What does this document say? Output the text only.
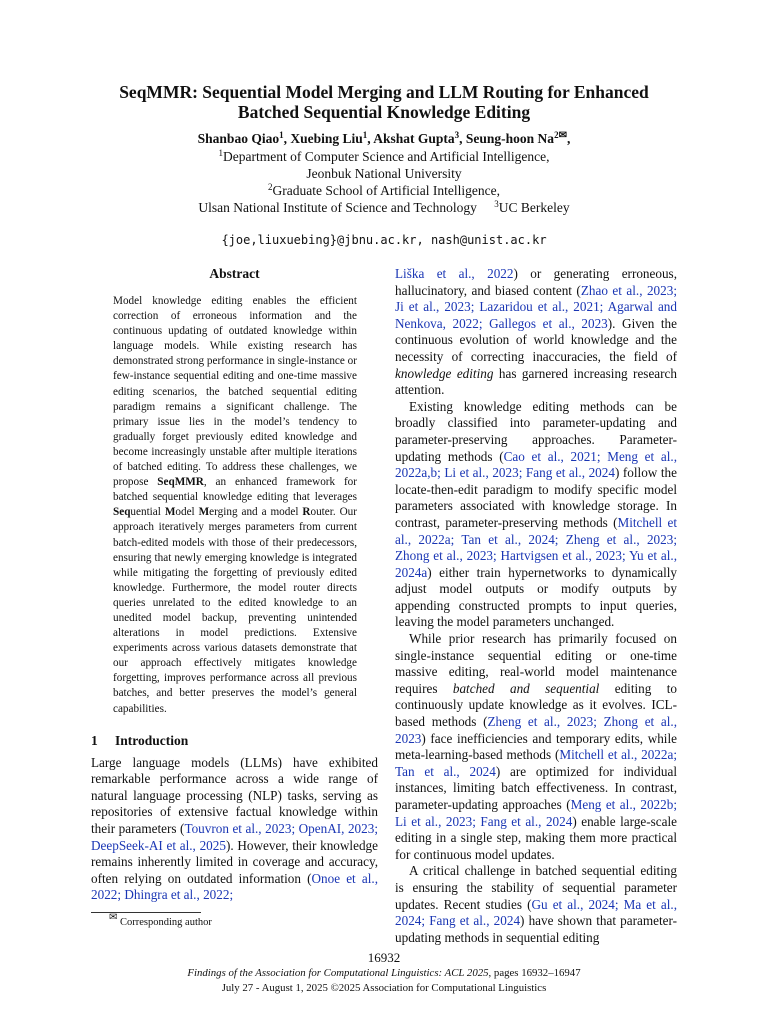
SeqMMR: Sequential Model Merging and LLM Routing for Enhanced
Batched Sequential Knowledge Editing
Shanbao Qiao$^1$, Xuebing Liu$^1$, Akshat Gupta$^3$, Seung-hoon $Na^{2✉}$,
$^1$Department of Computer Science and Artificial Intelligence,
Jeonbuk National University
$^2$Graduate School of Artificial Intelligence,
Ulsan National Institute of Science and Technology $^3$UC Berkeley
{joe,liuxuebing}@jbnu.ac.kr, nash@unist.ac.kr
Abstract

Model knowledge editing enables the efficient correction of erroneous information and the continuous updating of outdated knowledge within language models. While existing research has demonstrated strong performance in single-instance or few-instance sequential editing and one-time massive editing scenarios, the batched sequential editing paradigm remains a significant challenge. The primary issue lies in the model’s tendency to gradually forget previously edited knowledge and become increasingly unstable after multiple iterations of batched editing. To address these challenges, we propose SeqMMR, an enhanced framework for batched sequential knowledge editing that leverages Sequential Model Merging and a model Router. Our approach iteratively merges parameters from current batch-edited models with those of their predecessors, ensuring that newly emerging knowledge is integrated while mitigating the forgetting of previously edited knowledge. Furthermore, the model router directs queries unrelated to the edited knowledge to an unedited model backup, preventing unintended alterations in model predictions. Extensive experiments across various datasets demonstrate that our approach effectively mitigates knowledge forgetting, improves performance across all previous batches, and better preserves the model’s general capabilities.

1 Introduction

Large language models (LLMs) have exhibited remarkable performance across a wide range of natural language processing (NLP) tasks, serving as repositories of extensive factual knowledge within their parameters (Touvron et al., 2023; OpenAI, 2023; DeepSeek-AI et al., 2025). However, their knowledge remains inherently limited in coverage and accuracy, often relying on outdated information (Onoe et al., 2022; Dhingra et al., 2022;

✉ Corresponding author

Liška et al., 2022) or generating erroneous, hallucinatory, and biased content (Zhao et al., 2023; Ji et al., 2023; Lazaridou et al., 2021; Agarwal and Nenkova, 2022; Gallegos et al., 2023). Given the continuous evolution of world knowledge and the necessity of correcting inaccuracies, the field of knowledge editing has garnered increasing research attention.

Existing knowledge editing methods can be broadly classified into parameter-updating and parameter-preserving approaches. Parameter-updating methods (Cao et al., 2021; Meng et al., 2022a,b; Li et al., 2023; Fang et al., 2024) follow the locate-then-edit paradigm to modify specific model parameters associated with knowledge storage. In contrast, parameter-preserving methods (Mitchell et al., 2022a; Tan et al., 2024; Zheng et al., 2023; Zhong et al., 2023; Hartvigsen et al., 2023; Yu et al., 2024a) either train hypernetworks to dynamically adjust model outputs or modify outputs by appending constructed prompts to input queries, leaving the model parameters unchanged.

While prior research has primarily focused on single-instance sequential editing or one-time massive editing, real-world model maintenance requires batched and sequential editing to continuously update knowledge as it evolves. ICL-based methods (Zheng et al., 2023; Zhong et al., 2023) face inefficiencies and temporary edits, while meta-learning-based methods (Mitchell et al., 2022a; Tan et al., 2024) are optimized for individual instances, limiting batch effectiveness. In contrast, parameter-updating approaches (Meng et al., 2022b; Li et al., 2023; Fang et al., 2024) enable large-scale editing in a single step, making them more practical for continuous model updates.

A critical challenge in batched sequential editing is ensuring the stability of sequential parameter updates. Recent studies (Gu et al., 2024; Ma et al., 2024; Fang et al., 2024) have shown that parameter-updating methods in sequential editing

16932
Findings of the Association for Computational Linguistics: ACL 2025, pages 16932–16947
July 27 - August 1, 2025 ©2025 Association for Computational Linguistics
